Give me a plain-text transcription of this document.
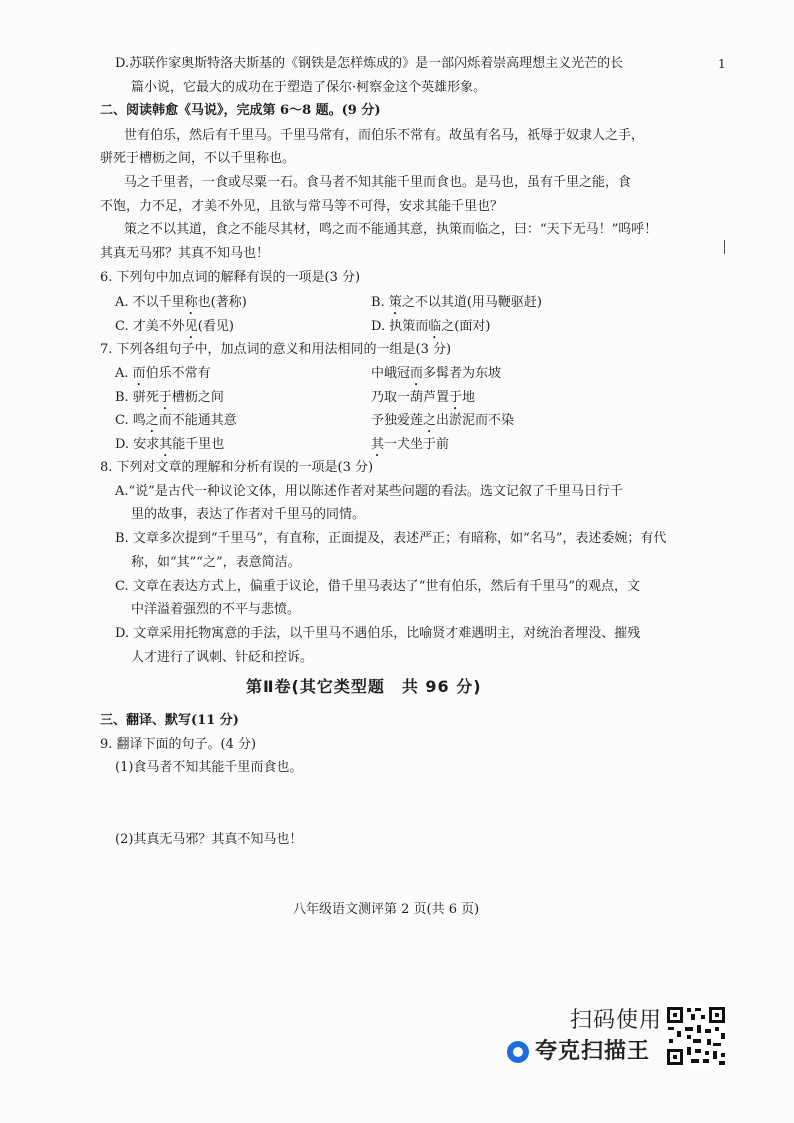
1
D.苏联作家奥斯特洛夫斯基的《钢铁是怎样炼成的》是一部闪烁着崇高理想主义光芒的长
篇小说，它最大的成功在于塑造了保尔·柯察金这个英雄形象。
二、阅读韩愈《马说》，完成第 6～8 题。(9 分)
世有伯乐，然后有千里马。千里马常有，而伯乐不常有。故虽有名马，祇辱于奴隶人之手，
骈死于槽枥之间，不以千里称也。
马之千里者，一食或尽粟一石。食马者不知其能千里而食也。是马也，虽有千里之能，食
不饱，力不足，才美不外见，且欲与常马等不可得，安求其能千里也？
策之不以其道，食之不能尽其材，鸣之而不能通其意，执策而临之，曰：“天下无马！”呜呼！
其真无马邪？其真不知马也！
6. 下列句中加点词的解释有误的一项是(3 分)
A. 不以千里称也(著称)	B. 策之不以其道(用马鞭驱赶)
C. 才美不外见(看见)	D. 执策而临之(面对)
7. 下列各组句子中，加点词的意义和用法相同的一组是(3 分)
A. 而伯乐不常有	中峨冠而多髯者为东坡
B. 骈死于槽枥之间	乃取一葫芦置于地
C. 鸣之而不能通其意	予独爱莲之出淤泥而不染
D. 安求其能千里也	其一犬坐于前
8. 下列对文章的理解和分析有误的一项是(3 分)
A.“说”是古代一种议论文体，用以陈述作者对某些问题的看法。选文记叙了千里马日行千
里的故事，表达了作者对千里马的同情。
B. 文章多次提到“千里马”，有直称，正面提及，表述严正；有暗称，如“名马”，表述委婉；有代
称，如“其”“之”，表意简洁。
C. 文章在表达方式上，偏重于议论，借千里马表达了“世有伯乐，然后有千里马”的观点，文
中洋溢着强烈的不平与悲愤。
D. 文章采用托物寓意的手法，以千里马不遇伯乐，比喻贤才难遇明主，对统治者埋没、摧残
人才进行了讽刺、针砭和控诉。
第Ⅱ卷(其它类型题　共 96 分)
三、翻译、默写(11 分)
9. 翻译下面的句子。(4 分)
(1)食马者不知其能千里而食也。
(2)其真无马邪？其真不知马也！
八年级语文测评第 2 页(共 6 页)
扫码使用
夸克扫描王
